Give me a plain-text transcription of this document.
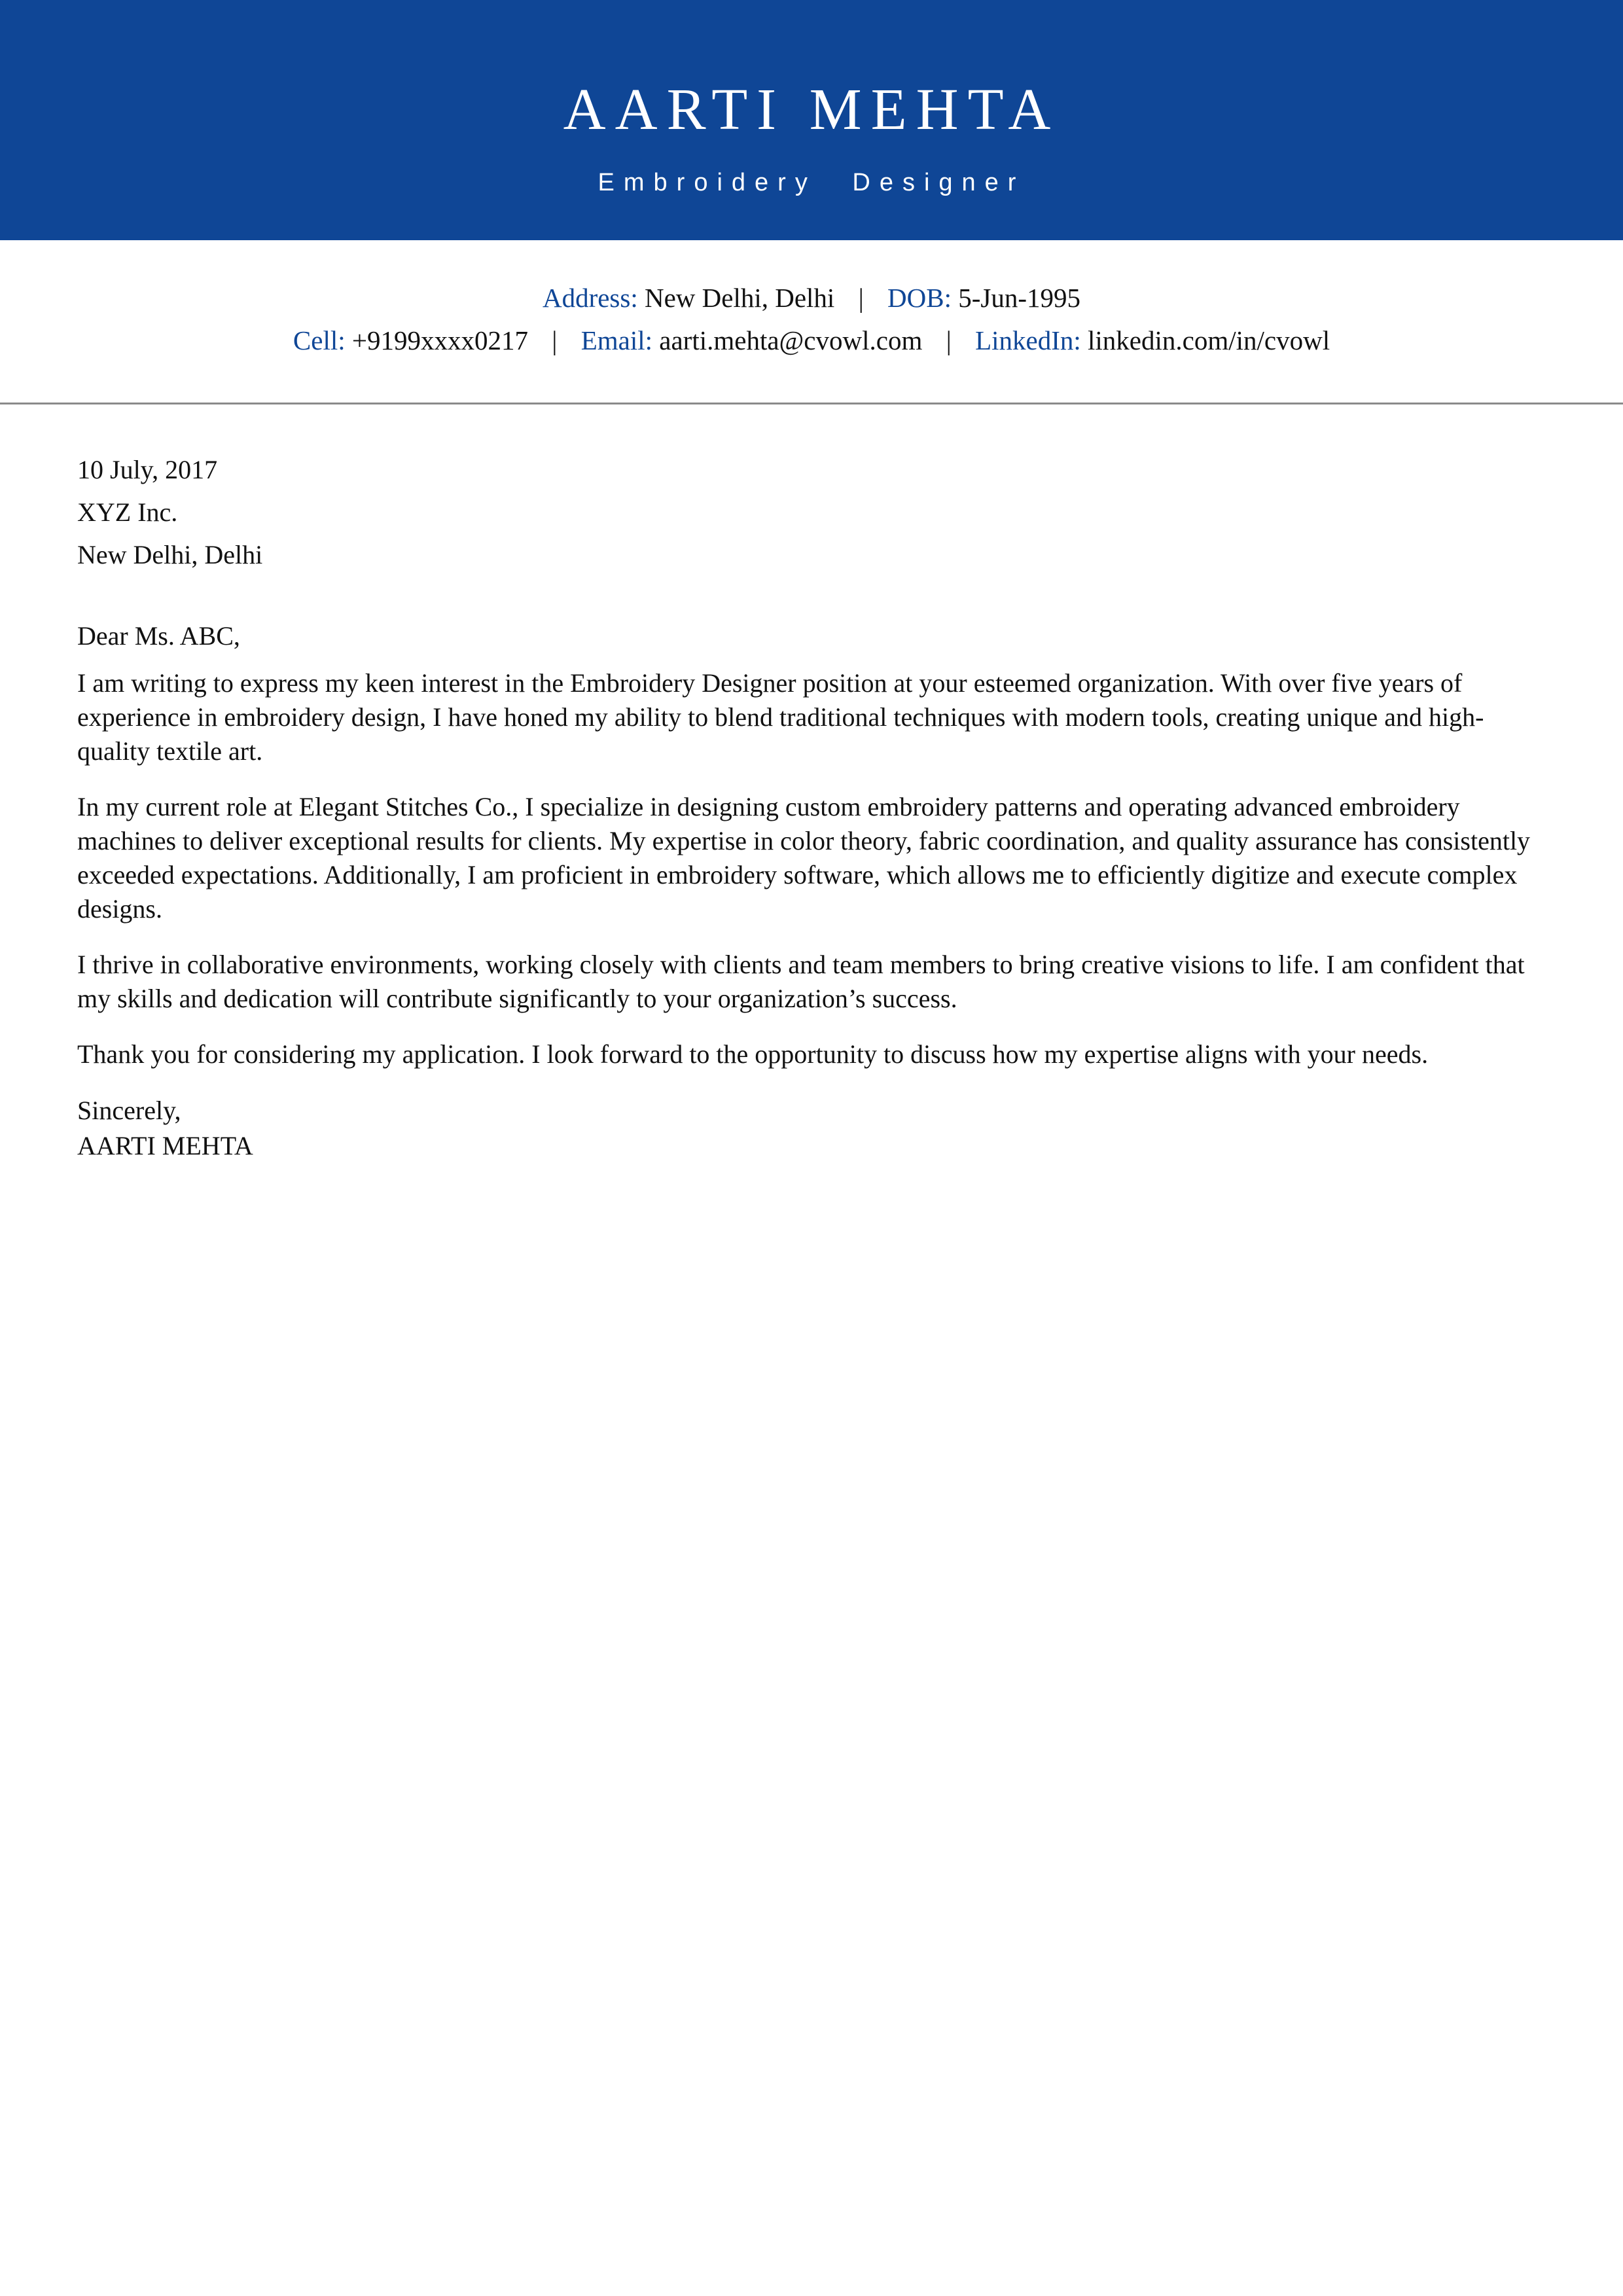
AARTI MEHTA
Embroidery Designer
Address: New Delhi, Delhi | DOB: 5-Jun-1995
Cell: +9199xxxx0217 | Email: aarti.mehta@cvowl.com | LinkedIn: linkedin.com/in/cvowl

10 July, 2017

XYZ Inc.

New Delhi, Delhi

Dear Ms. ABC,

I am writing to express my keen interest in the Embroidery Designer position at your esteemed organization. With over five years of experience in embroidery design, I have honed my ability to blend traditional techniques with modern tools, creating unique and high-quality textile art.

In my current role at Elegant Stitches Co., I specialize in designing custom embroidery patterns and operating advanced embroidery machines to deliver exceptional results for clients. My expertise in color theory, fabric coordination, and quality assurance has consistently exceeded expectations. Additionally, I am proficient in embroidery software, which allows me to efficiently digitize and execute complex designs.

I thrive in collaborative environments, working closely with clients and team members to bring creative visions to life. I am confident that my skills and dedication will contribute significantly to your organization’s success.

Thank you for considering my application. I look forward to the opportunity to discuss how my expertise aligns with your needs.

Sincerely,

AARTI MEHTA
